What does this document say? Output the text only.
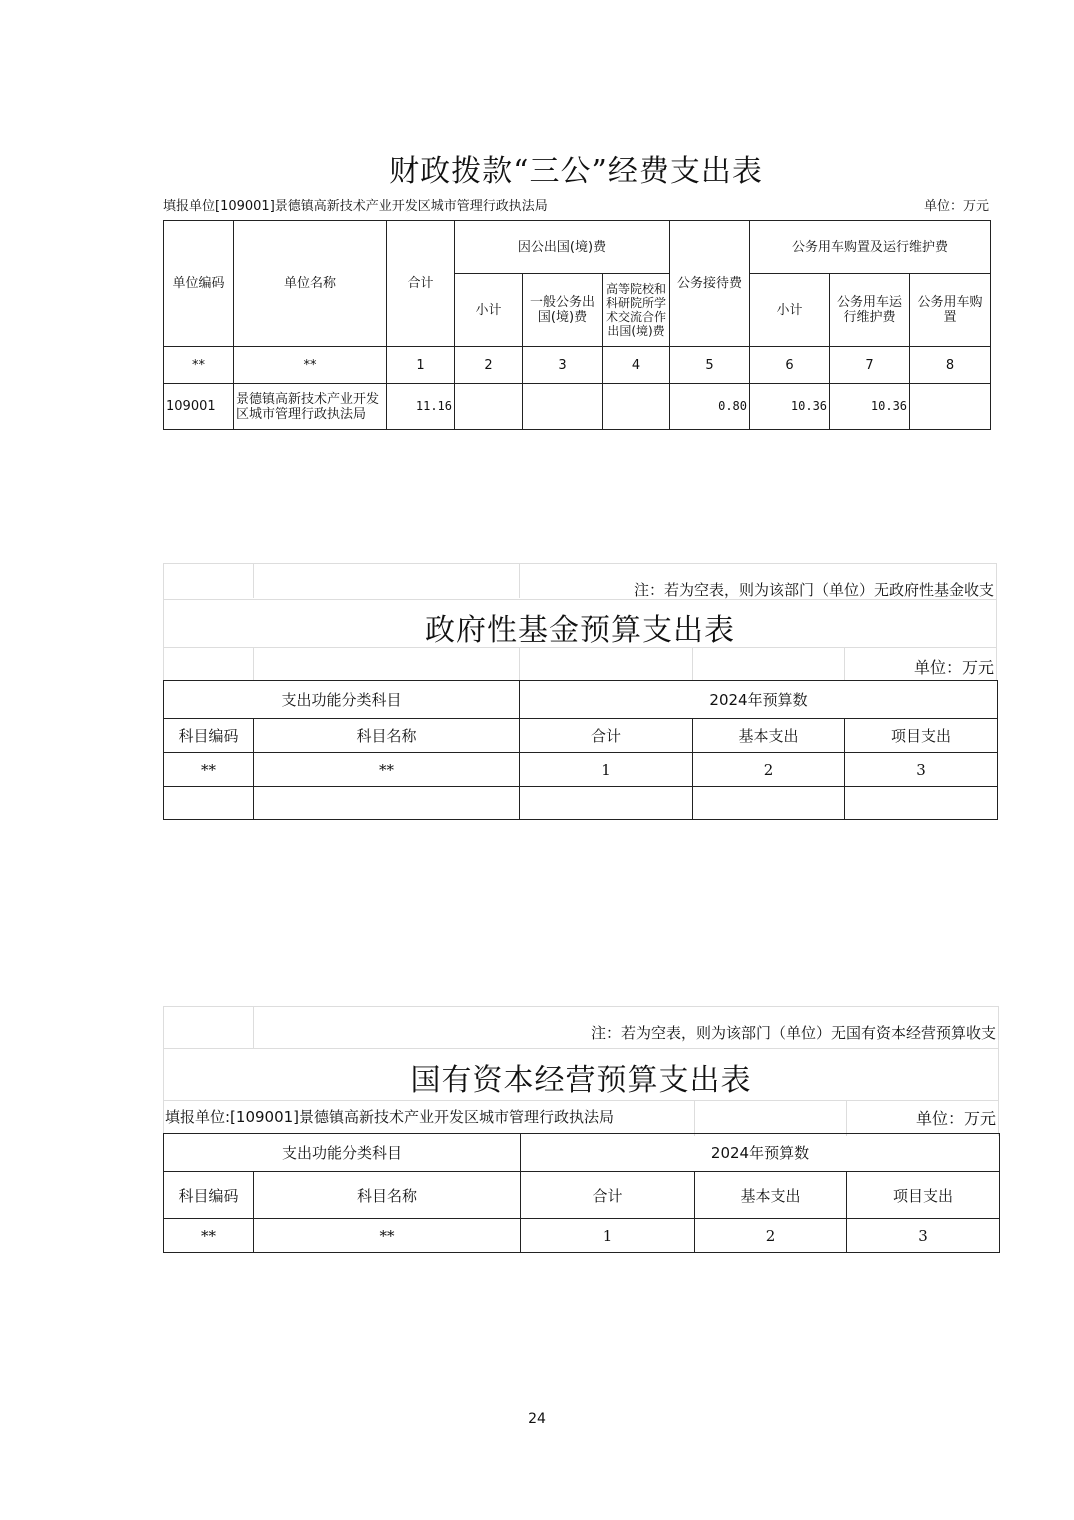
财政拨款“三公”经费支出表
填报单位[109001]景德镇高新技术产业开发区城市管理行政执法局	单位：万元
单位编码	单位名称	合计	因公出国(境)费			公务接待费	公务用车购置及运行维护费		
			小计	一般公务出国(境)费	高等院校和科研院所学术交流合作出国(境)费		小计	公务用车运行维护费	公务用车购置
**	**	1	2	3	4	5	6	7	8
109001	景德镇高新技术产业开发区城市管理行政执法局	11.16				0.80	10.36	10.36	
注：若为空表，则为该部门（单位）无政府性基金收支
政府性基金预算支出表
单位：万元
支出功能分类科目		2024年预算数		
科目编码	科目名称	合计	基本支出	项目支出
**	**	1	2	3

注：若为空表，则为该部门（单位）无国有资本经营预算收支
国有资本经营预算支出表
填报单位:[109001]景德镇高新技术产业开发区城市管理行政执法局	单位：万元
支出功能分类科目		2024年预算数		
科目编码	科目名称	合计	基本支出	项目支出
**	**	1	2	3
24
